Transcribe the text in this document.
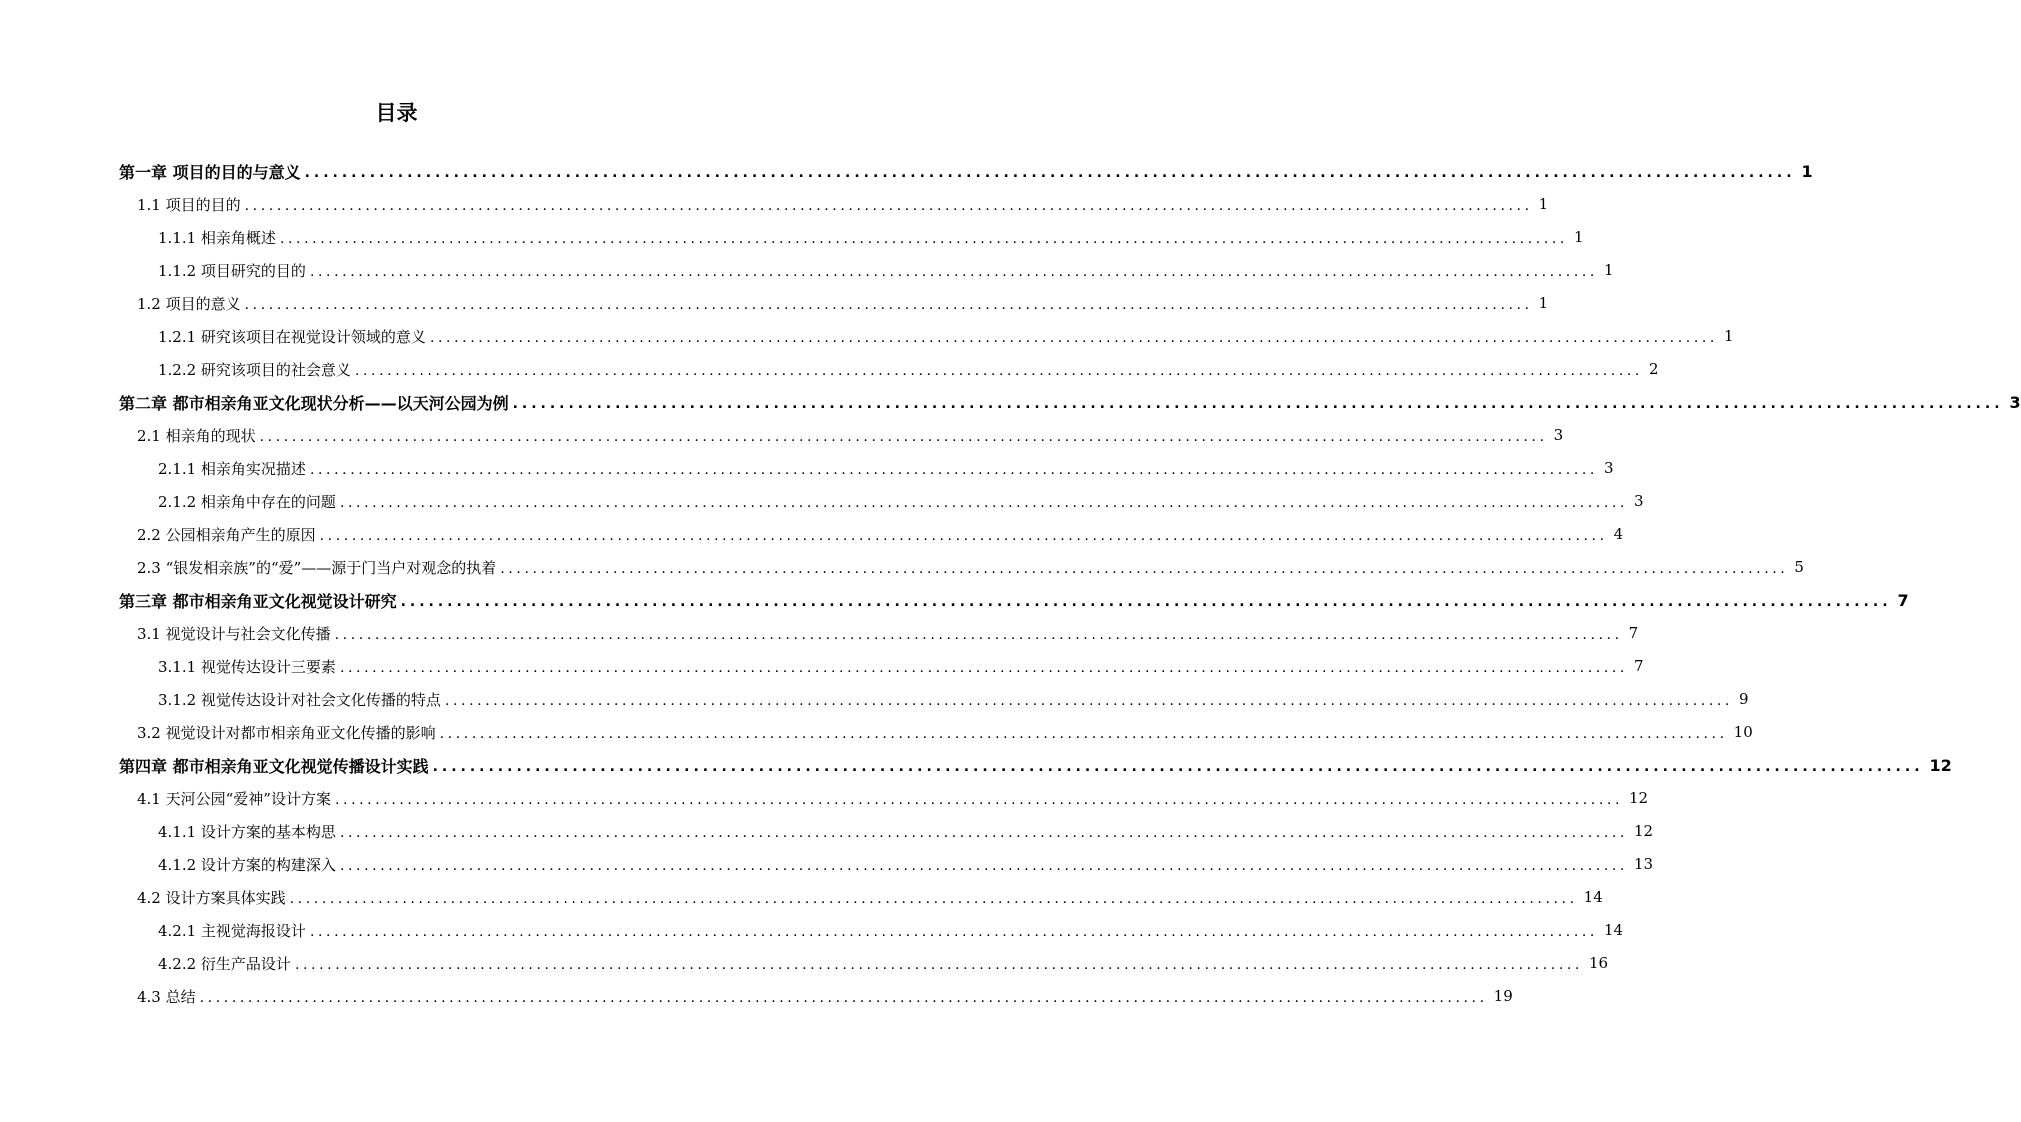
目录
第一章 项目的目的与意义 ................................................................................................................................................................ 1
1.1 项目的目的 ................................................................................................................................................................ 1
1.1.1 相亲角概述 ................................................................................................................................................................ 1
1.1.2 项目研究的目的 ................................................................................................................................................................ 1
1.2 项目的意义 ................................................................................................................................................................ 1
1.2.1 研究该项目在视觉设计领域的意义 ................................................................................................................................................................ 1
1.2.2 研究该项目的社会意义 ................................................................................................................................................................ 2
第二章 都市相亲角亚文化现状分析——以天河公园为例 ................................................................................................................................................................ 3
2.1 相亲角的现状 ................................................................................................................................................................ 3
2.1.1 相亲角实况描述 ................................................................................................................................................................ 3
2.1.2 相亲角中存在的问题 ................................................................................................................................................................ 3
2.2 公园相亲角产生的原因 ................................................................................................................................................................ 4
2.3 “银发相亲族”的“爱”——源于门当户对观念的执着 ................................................................................................................................................................ 5
第三章 都市相亲角亚文化视觉设计研究 ................................................................................................................................................................ 7
3.1 视觉设计与社会文化传播 ................................................................................................................................................................ 7
3.1.1 视觉传达设计三要素 ................................................................................................................................................................ 7
3.1.2 视觉传达设计对社会文化传播的特点 ................................................................................................................................................................ 9
3.2 视觉设计对都市相亲角亚文化传播的影响 ................................................................................................................................................................ 10
第四章 都市相亲角亚文化视觉传播设计实践 ................................................................................................................................................................ 12
4.1 天河公园“爱神”设计方案 ................................................................................................................................................................ 12
4.1.1 设计方案的基本构思 ................................................................................................................................................................ 12
4.1.2 设计方案的构建深入 ................................................................................................................................................................ 13
4.2 设计方案具体实践 ................................................................................................................................................................ 14
4.2.1 主视觉海报设计 ................................................................................................................................................................ 14
4.2.2 衍生产品设计 ................................................................................................................................................................ 16
4.3 总结 ................................................................................................................................................................ 19
